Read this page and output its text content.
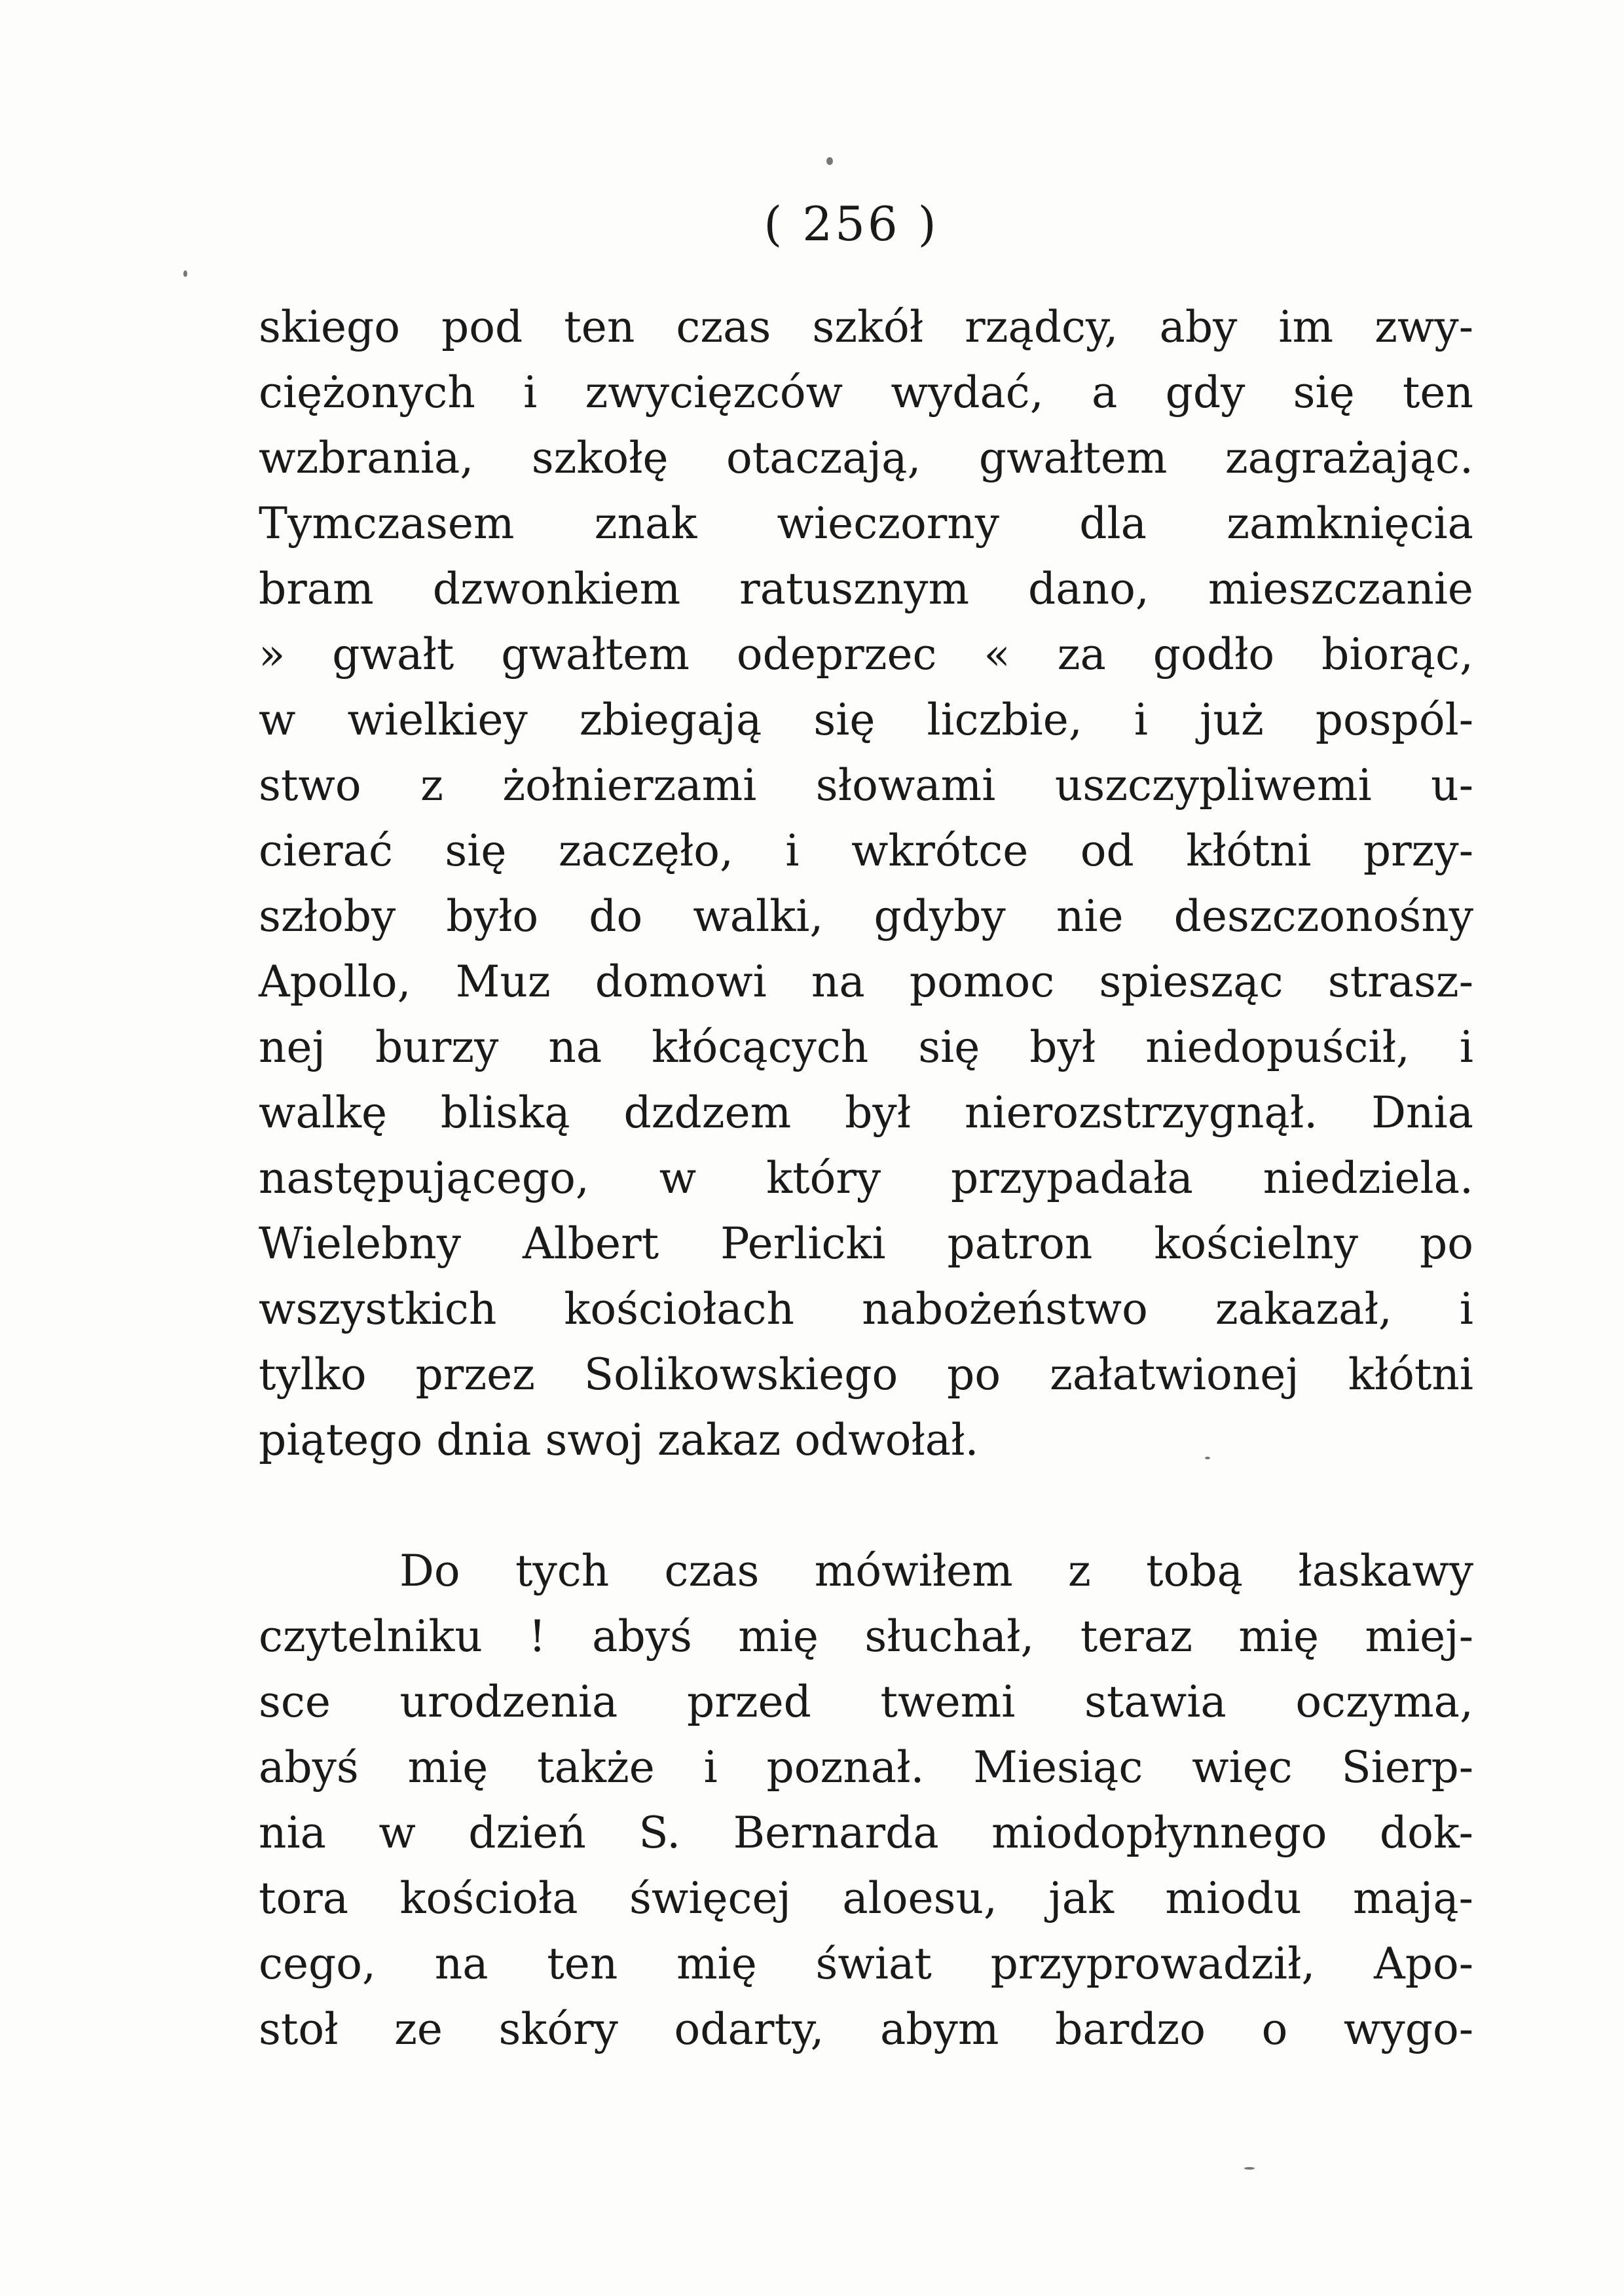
( 256 )
skiego pod ten czas szkół rządcy, aby im zwy-
ciężonych i zwycięzców wydać, a gdy się ten
wzbrania, szkołę otaczają, gwałtem zagrażając.
Tymczasem znak wieczorny dla zamknięcia
bram dzwonkiem ratusznym dano, mieszczanie
» gwałt gwałtem odeprzec « za godło biorąc,
w wielkiey zbiegają się liczbie, i już pospól-
stwo z żołnierzami słowami uszczypliwemi u-
cierać się zaczęło, i wkrótce od kłótni przy-
szłoby było do walki, gdyby nie deszczonośny
Apollo, Muz domowi na pomoc spiesząc strasz-
nej burzy na kłócących się był niedopuścił, i
walkę bliską dzdzem był nierozstrzygnął. Dnia
następującego, w który przypadała niedziela.
Wielebny Albert Perlicki patron kościelny po
wszystkich kościołach nabożeństwo zakazał, i
tylko przez Solikowskiego po załatwionej kłótni
piątego dnia swoj zakaz odwołał.
Do tych czas mówiłem z tobą łaskawy
czytelniku ! abyś mię słuchał, teraz mię miej-
sce urodzenia przed twemi stawia oczyma,
abyś mię także i poznał. Miesiąc więc Sierp-
nia w dzień S. Bernarda miodopłynnego dok-
tora kościoła święcej aloesu, jak miodu mają-
cego, na ten mię świat przyprowadził, Apo-
stoł ze skóry odarty, abym bardzo o wygo-
